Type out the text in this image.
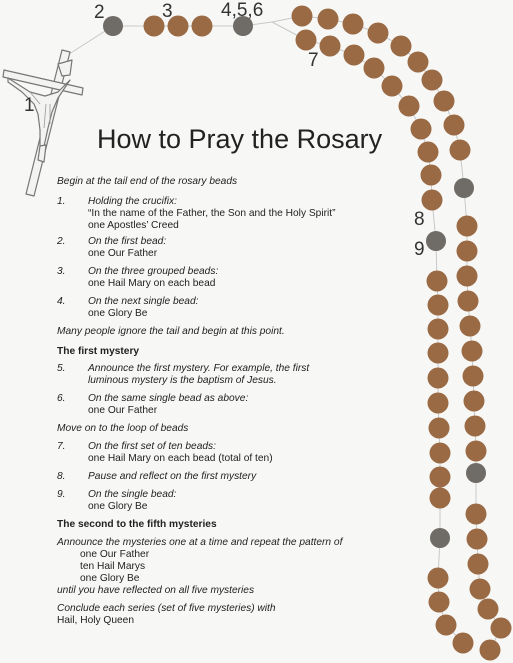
1
2	3	4,5,6
7
8
9
How to Pray the Rosary
Begin at the tail end of the rosary beads
1. Holding the crucifix:
“In the name of the Father, the Son and the Holy Spirit”
one Apostles’ Creed
2. On the first bead:
one Our Father
3. On the three grouped beads:
one Hail Mary on each bead
4. On the next single bead:
one Glory Be
Many people ignore the tail and begin at this point.
The first mystery
5. Announce the first mystery. For example, the first
luminous mystery is the baptism of Jesus.
6. On the same single bead as above:
one Our Father
Move on to the loop of beads
7. On the first set of ten beads:
one Hail Mary on each bead (total of ten)
8. Pause and reflect on the first mystery
9. On the single bead:
one Glory Be
The second to the fifth mysteries
Announce the mysteries one at a time and repeat the pattern of
one Our Father
ten Hail Marys
one Glory Be
until you have reflected on all five mysteries
Conclude each series (set of five mysteries) with
Hail, Holy Queen
